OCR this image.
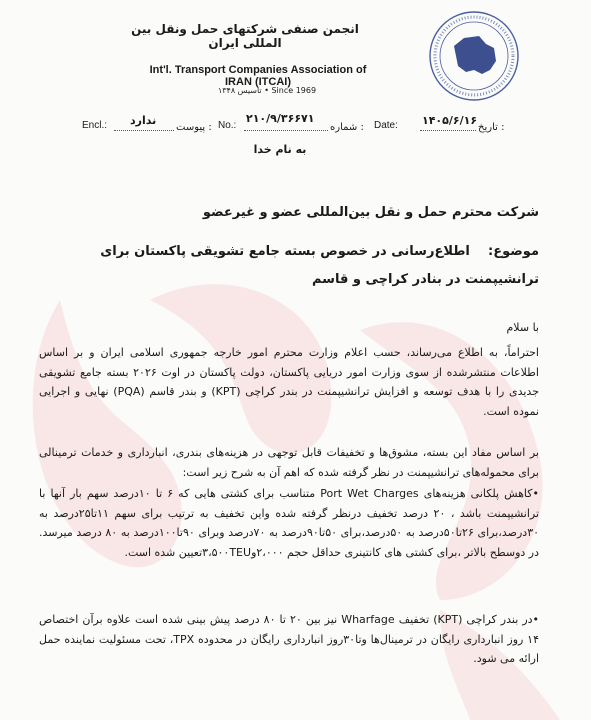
انجمن صنفی شرکتهای حمل ونقل بین المللی ایران
Int'l. Transport Companies Association of IRAN (ITCAI)
Since 1969 • تاسیس ۱۳۴۸
تاریخ :
۱۴۰۵/۶/۱۶
Date:
شماره :
۲۱۰/۹/۳۶۶۷۱
No.:
پیوست :
ندارد
Encl.:
به نام خدا
شرکت محترم حمل و نقل بین‌المللی عضو و غیرعضو
موضوع:    اطلاع‌رسانی در خصوص بسته جامع تشویقی پاکستان برای ترانشیپمنت در بنادر کراچی و قاسم
با سلام
احتراماً، به اطلاع می‌رساند، حسب اعلام وزارت محترم امور خارجه جمهوری اسلامی ایران و بر اساس اطلاعات منتشرشده از سوی وزارت امور دریایی پاکستان، دولت پاکستان در اوت ۲۰۲۶ بسته جامع تشویقی جدیدی را با هدف توسعه و افزایش ترانشیپمنت در بندر کراچی (KPT) و بندر قاسم (PQA) نهایی و اجرایی نموده است.
بر اساس مفاد این بسته، مشوق‌ها و تخفیفات قابل توجهی در هزینه‌های بندری، انبارداری و خدمات ترمینالی برای محموله‌های ترانشیپمنت در نظر گرفته شده که اهم آن به شرح زیر است:
•کاهش پلکانی هزینه‌های Port Wet Charges متناسب برای کشتی هایی که ۶ تا ۱۰درصد سهم بار آنها با ترانشیپمنت باشد ، ۲۰ درصد تخفیف درنظر گرفته شده واین تخفیف به ترتیب برای سهم ۱۱تا۲۵درصد به ۳۰درصد،برای ۲۶تا۵۰درصد به ۵۰درصد،برای ۵۰تا۹۰درصد به ۷۰درصد وبرای ۹۰تا۱۰۰درصد به ۸۰ درصد میرسد. در دوسطح بالاتر ،برای کشتی های کانتینری حداقل حجم ۲،۰۰۰و۳،۵۰۰TEUتعیین شده است.
•در بندر کراچی (KPT) تخفیف Wharfage نیز بین ۲۰ تا ۸۰ درصد پیش بینی شده است علاوه برآن اختصاص ۱۴ روز انبارداری رایگان در ترمینال‌ها وتا۳۰روز انبارداری رایگان در محدوده TPX، تحت مسئولیت نماینده حمل ارائه می شود.
